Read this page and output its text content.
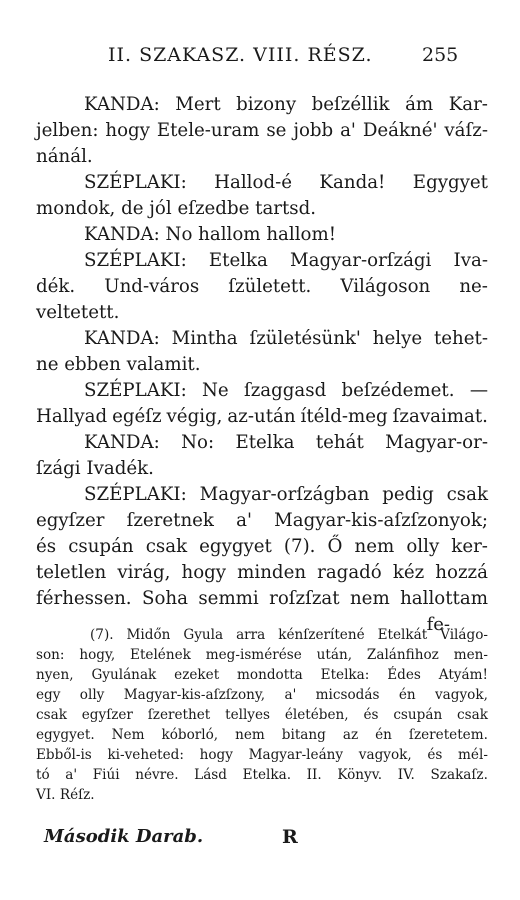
II. SZAKASZ. VIII. RÉSZ.	255
KANDA: Mert bizony beſzéllik ám Kar-
jelben: hogy Etele-uram se jobb a' Deákné' váſz-
nánál.
SZÉPLAKI: Hallod-é Kanda! Egygyet
mondok, de jól eſzedbe tartsd.
KANDA: No hallom hallom!
SZÉPLAKI: Etelka Magyar-orſzági Iva-
dék. Und-város ſzületett. Világoson ne-
veltetett.
KANDA: Mintha ſzületésünk' helye tehet-
ne ebben valamit.
SZÉPLAKI: Ne ſzaggasd beſzédemet. —
Hallyad egéſz végig, az-után ítéld-meg ſzavaimat.
KANDA: No: Etelka tehát Magyar-or-
ſzági Ivadék.
SZÉPLAKI: Magyar-orſzágban pedig csak
egyſzer ſzeretnek a' Magyar-kis-aſzſzonyok;
és csupán csak egygyet (7). Ő nem olly ker-
teletlen virág, hogy minden ragadó kéz hozzá
férhessen. Soha semmi roſzſzat nem hallottam
fe-
(7). Midőn Gyula arra kénſzerítené Etelkát Világo-
son: hogy, Etelének meg-ismérése után, Zalánfihoz men-
nyen, Gyulának ezeket mondotta Etelka: Édes Atyám!
egy olly Magyar-kis-aſzſzony, a' micsodás én vagyok,
csak egyſzer ſzerethet tellyes életében, és csupán csak
egygyet. Nem kóborló, nem bitang az én ſzeretetem.
Ebből-is ki-veheted: hogy Magyar-leány vagyok, és mél-
tó a' Fiúi névre. Lásd Etelka. II. Könyv. IV. Szakaſz.
VI. Réſz.
Második Darab.	R
